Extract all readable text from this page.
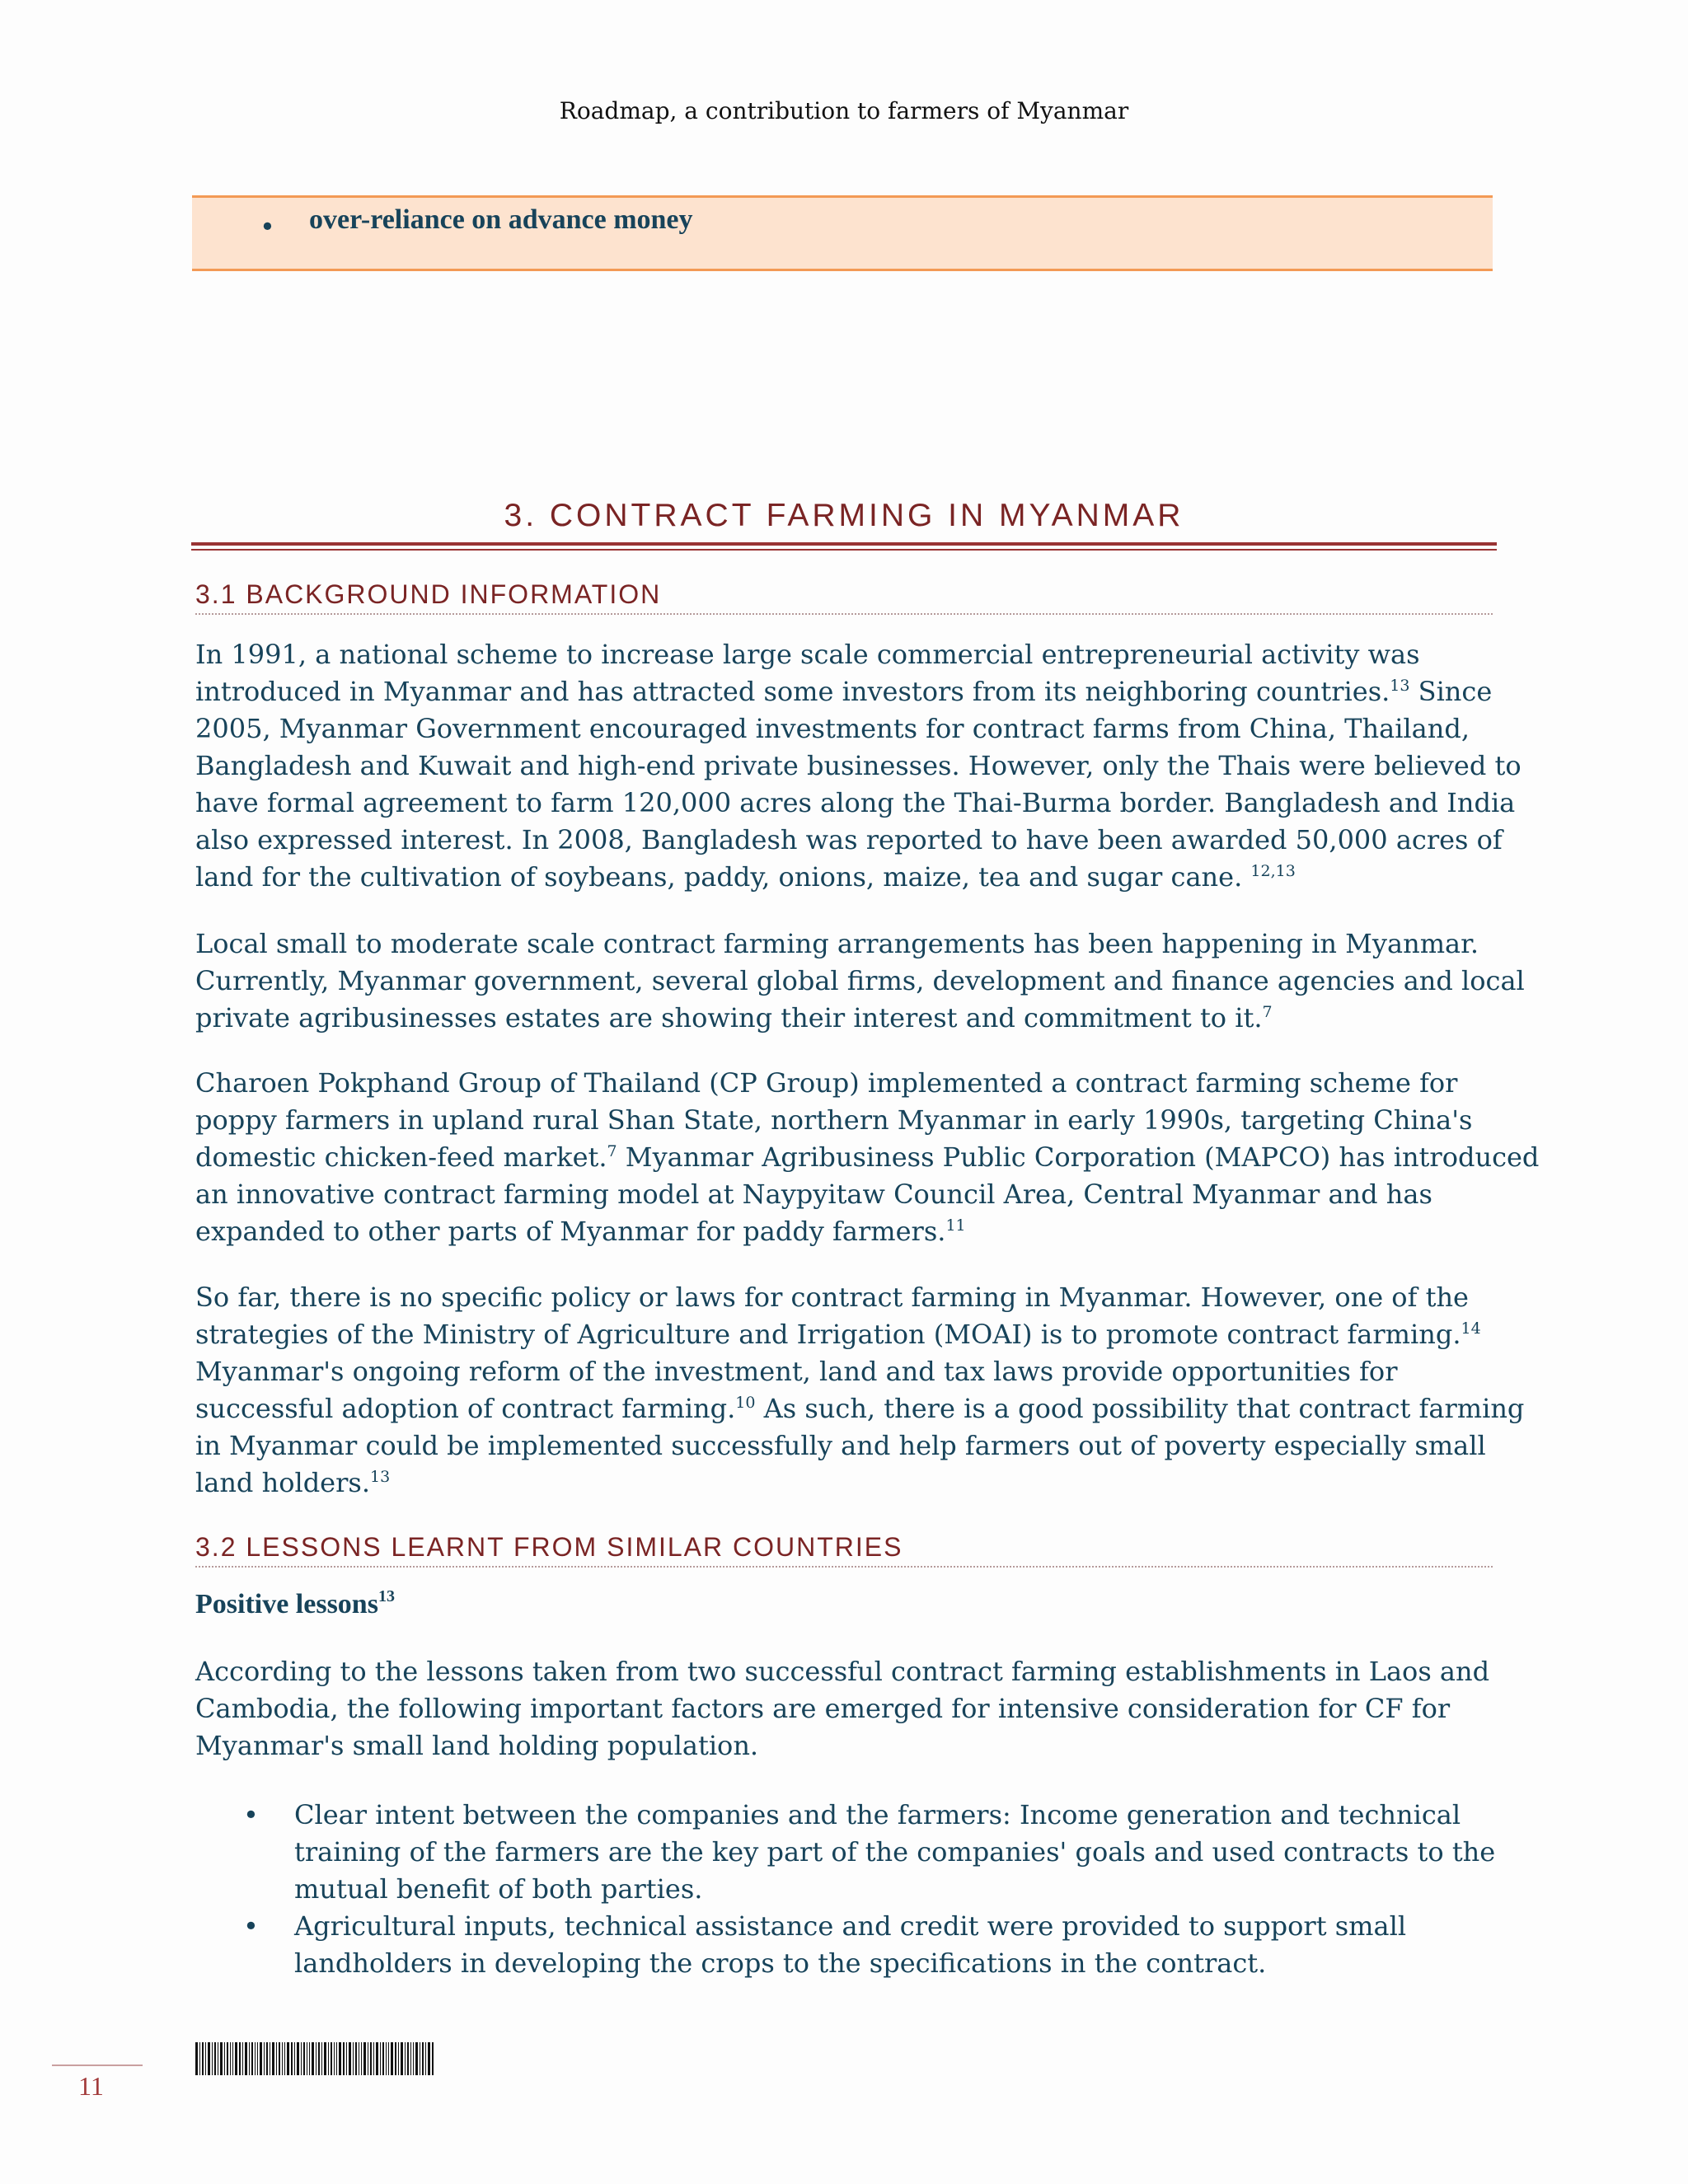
Roadmap, a contribution to farmers of Myanmar
• over-reliance on advance money
3. CONTRACT FARMING IN MYANMAR
3.1 BACKGROUND INFORMATION
In 1991, a national scheme to increase large scale commercial entrepreneurial activity was
introduced in Myanmar and has attracted some investors from its neighboring countries.$^{13}$ Since
2005, Myanmar Government encouraged investments for contract farms from China, Thailand,
Bangladesh and Kuwait and high-end private businesses. However, only the Thais were believed to
have formal agreement to farm 120,000 acres along the Thai-Burma border. Bangladesh and India
also expressed interest. In 2008, Bangladesh was reported to have been awarded 50,000 acres of
land for the cultivation of soybeans, paddy, onions, maize, tea and sugar cane. $^{12,13}$
Local small to moderate scale contract farming arrangements has been happening in Myanmar.
Currently, Myanmar government, several global firms, development and finance agencies and local
private agribusinesses estates are showing their interest and commitment to it.$^7$
Charoen Pokphand Group of Thailand (CP Group) implemented a contract farming scheme for
poppy farmers in upland rural Shan State, northern Myanmar in early 1990s, targeting China's
domestic chicken-feed market.$^7$ Myanmar Agribusiness Public Corporation (MAPCO) has introduced
an innovative contract farming model at Naypyitaw Council Area, Central Myanmar and has
expanded to other parts of Myanmar for paddy farmers.$^{11}$
So far, there is no specific policy or laws for contract farming in Myanmar. However, one of the
strategies of the Ministry of Agriculture and Irrigation (MOAI) is to promote contract farming.$^{14}$
Myanmar's ongoing reform of the investment, land and tax laws provide opportunities for
successful adoption of contract farming.$^{10}$ As such, there is a good possibility that contract farming
in Myanmar could be implemented successfully and help farmers out of poverty especially small
land holders.$^{13}$
3.2 LESSONS LEARNT FROM SIMILAR COUNTRIES
Positive lessons$^{13}$
According to the lessons taken from two successful contract farming establishments in Laos and
Cambodia, the following important factors are emerged for intensive consideration for CF for
Myanmar's small land holding population.
• Clear intent between the companies and the farmers: Income generation and technical
training of the farmers are the key part of the companies' goals and used contracts to the
mutual benefit of both parties.
• Agricultural inputs, technical assistance and credit were provided to support small
landholders in developing the crops to the specifications in the contract.
11
